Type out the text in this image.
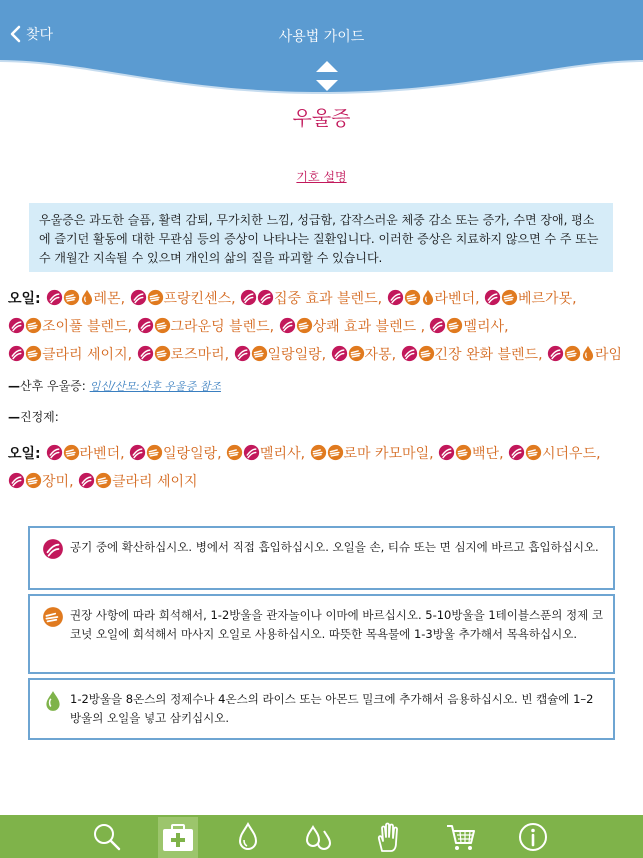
찾다	사용법 가이드
우울증
기호 설명
우울증은 과도한 슬픔, 활력 감퇴, 무가치한 느낌, 성급함, 갑작스러운 체중 감소 또는 증가, 수면 장애, 평소에 즐기던 활동에 대한 무관심 등의 증상이 나타나는 질환입니다. 이러한 증상은 치료하지 않으면 수 주 또는 수 개월간 지속될 수 있으며 개인의 삶의 질을 파괴할 수 있습니다.
오일:	레몬, 프랑킨센스, 집중 효과 블렌드,	라벤더, 베르가못, 조이풀 블렌드, 그라운딩 블렌드, 상쾌 효과 블렌드 , 멜리사, 클라리 세이지, 로즈마리, 일랑일랑, 자몽, 긴장 완화 블렌드,	라임
—산후 우울증: 임신/산모:산후 우울증 참조
—진정제:
오일: 라벤더, 일랑일랑, 멜리사, 로마 카모마일, 백단, 시더우드, 장미, 클라리 세이지
공기 중에 확산하십시오. 병에서 직접 흡입하십시오. 오일을 손, 티슈 또는 면 심지에 바르고 흡입하십시오.
권장 사항에 따라 희석해서, 1-2방울을 관자놀이나 이마에 바르십시오. 5-10방울을 1테이블스푼의 정제 코코넛 오일에 희석해서 마사지 오일로 사용하십시오. 따뜻한 목욕물에 1-3방울 추가해서 목욕하십시오.
1-2방울을 8온스의 정제수나 4온스의 라이스 또는 아몬드 밀크에 추가해서 음용하십시오. 빈 캡슐에 1–2방울의 오일을 넣고 삼키십시오.
